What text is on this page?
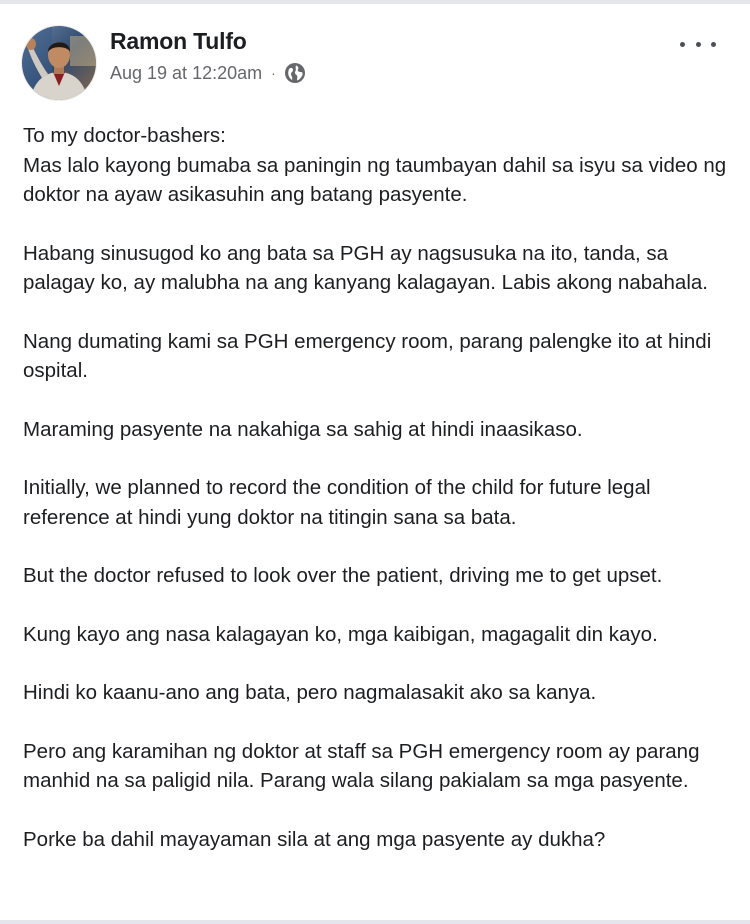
Ramon Tulfo
Aug 19 at 12:20am ·

To my doctor-bashers:
Mas lalo kayong bumaba sa paningin ng taumbayan dahil sa isyu sa video ng doktor na ayaw asikasuhin ang batang pasyente.

Habang sinusugod ko ang bata sa PGH ay nagsusuka na ito, tanda, sa palagay ko, ay malubha na ang kanyang kalagayan. Labis akong nabahala.

Nang dumating kami sa PGH emergency room, parang palengke ito at hindi ospital.

Maraming pasyente na nakahiga sa sahig at hindi inaasikaso.

Initially, we planned to record the condition of the child for future legal reference at hindi yung doktor na titingin sana sa bata.

But the doctor refused to look over the patient, driving me to get upset.

Kung kayo ang nasa kalagayan ko, mga kaibigan, magagalit din kayo.

Hindi ko kaanu-ano ang bata, pero nagmalasakit ako sa kanya.

Pero ang karamihan ng doktor at staff sa PGH emergency room ay parang manhid na sa paligid nila. Parang wala silang pakialam sa mga pasyente.

Porke ba dahil mayayaman sila at ang mga pasyente ay dukha?
